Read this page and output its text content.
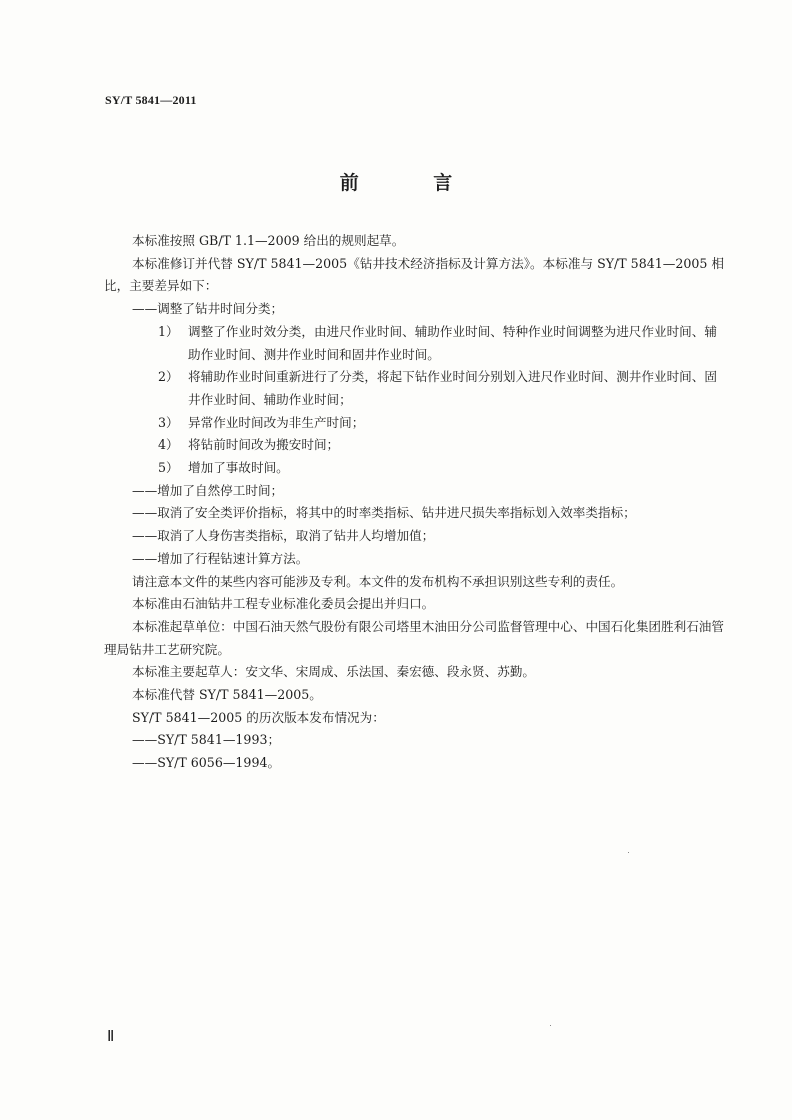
SY/T 5841—2011
前 言

本标准按照 GB/T 1.1—2009 给出的规则起草。

本标准修订并代替 SY/T 5841—2005《钻井技术经济指标及计算方法》。本标准与 SY/T 5841—2005 相比，主要差异如下：

——调整了钻井时间分类；

1） 调整了作业时效分类，由进尺作业时间、辅助作业时间、特种作业时间调整为进尺作业时间、辅助作业时间、测井作业时间和固井作业时间。
2） 将辅助作业时间重新进行了分类，将起下钻作业时间分别划入进尺作业时间、测井作业时间、固井作业时间、辅助作业时间；
3） 异常作业时间改为非生产时间；
4） 将钻前时间改为搬安时间；
5） 增加了事故时间。

——增加了自然停工时间；

——取消了安全类评价指标，将其中的时率类指标、钻井进尺损失率指标划入效率类指标；

——取消了人身伤害类指标，取消了钻井人均增加值；

——增加了行程钻速计算方法。

请注意本文件的某些内容可能涉及专利。本文件的发布机构不承担识别这些专利的责任。

本标准由石油钻井工程专业标准化委员会提出并归口。

本标准起草单位：中国石油天然气股份有限公司塔里木油田分公司监督管理中心、中国石化集团胜利石油管理局钻井工艺研究院。

本标准主要起草人：安文华、宋周成、乐法国、秦宏德、段永贤、苏勤。

本标准代替 SY/T 5841—2005。

SY/T 5841—2005 的历次版本发布情况为：

——SY/T 5841—1993；

——SY/T 6056—1994。

Ⅱ
